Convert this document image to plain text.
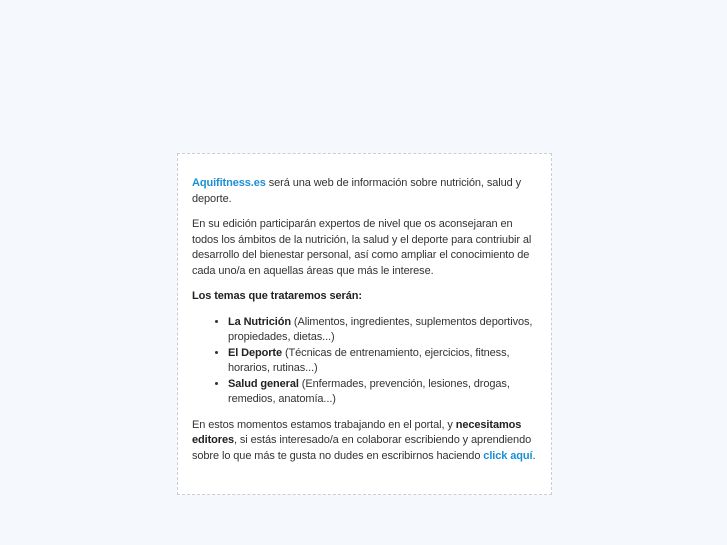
Aquifitness.es será una web de información sobre nutrición, salud y deporte.

En su edición participarán expertos de nivel que os aconsejaran en todos los ámbitos de la nutrición, la salud y el deporte para contriubir al desarrollo del bienestar personal, así como ampliar el conocimiento de cada uno/a en aquellas áreas que más le interese.

Los temas que trataremos serán:

• La Nutrición (Alimentos, ingredientes, suplementos deportivos, propiedades, dietas...)
• El Deporte (Técnicas de entrenamiento, ejercicios, fitness, horarios, rutinas...)
• Salud general (Enfermades, prevención, lesiones, drogas, remedios, anatomía...)

En estos momentos estamos trabajando en el portal, y necesitamos editores, si estás interesado/a en colaborar escribiendo y aprendiendo sobre lo que más te gusta no dudes en escribirnos haciendo click aquí.
